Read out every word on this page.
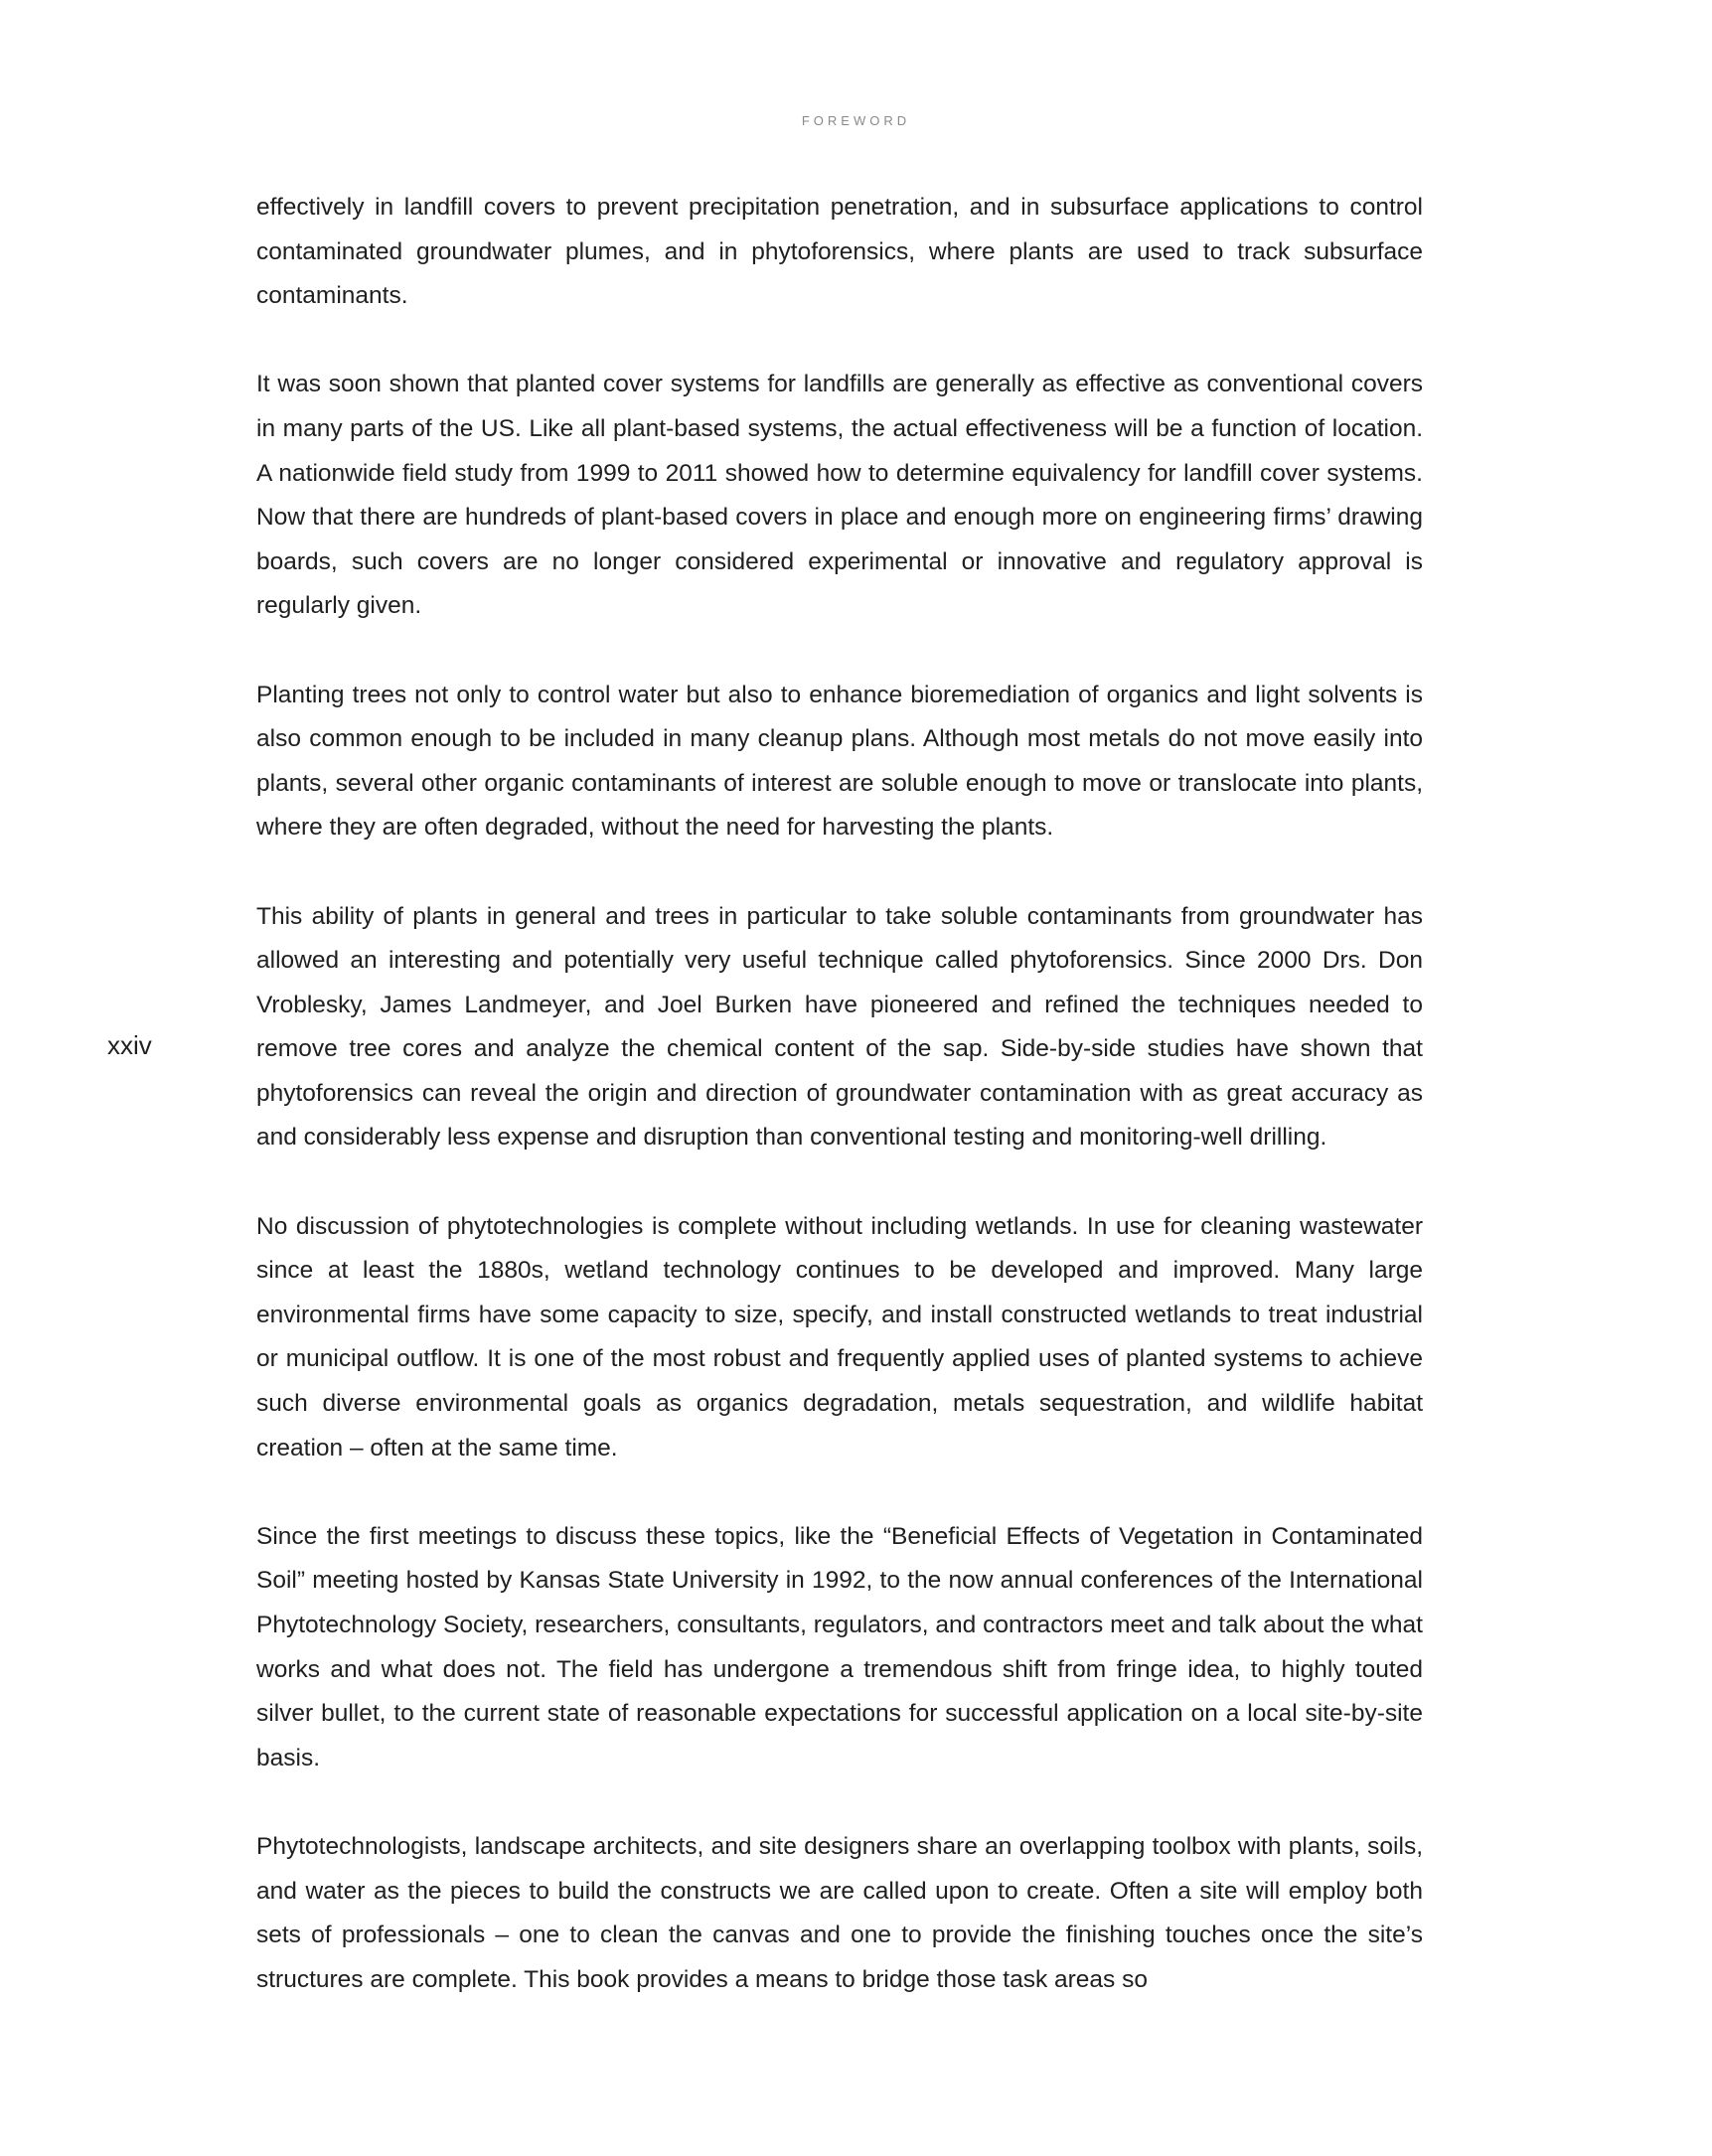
FOREWORD
xxiv

effectively in landfill covers to prevent precipitation penetration, and in subsurface applications to control contaminated groundwater plumes, and in phytoforensics, where plants are used to track subsurface contaminants.

It was soon shown that planted cover systems for landfills are generally as effective as conventional covers in many parts of the US. Like all plant-based systems, the actual effectiveness will be a function of location. A nationwide field study from 1999 to 2011 showed how to determine equivalency for landfill cover systems. Now that there are hundreds of plant-based covers in place and enough more on engineering firms’ drawing boards, such covers are no longer considered experimental or innovative and regulatory approval is regularly given.

Planting trees not only to control water but also to enhance bioremediation of organics and light solvents is also common enough to be included in many cleanup plans. Although most metals do not move easily into plants, several other organic contaminants of interest are soluble enough to move or translocate into plants, where they are often degraded, without the need for harvesting the plants.

This ability of plants in general and trees in particular to take soluble contaminants from groundwater has allowed an interesting and potentially very useful technique called phytoforensics. Since 2000 Drs. Don Vroblesky, James Landmeyer, and Joel Burken have pioneered and refined the techniques needed to remove tree cores and analyze the chemical content of the sap. Side-by-side studies have shown that phytoforensics can reveal the origin and direction of groundwater contamination with as great accuracy as and considerably less expense and disruption than conventional testing and monitoring-well drilling.

No discussion of phytotechnologies is complete without including wetlands. In use for cleaning wastewater since at least the 1880s, wetland technology continues to be developed and improved. Many large environmental firms have some capacity to size, specify, and install constructed wetlands to treat industrial or municipal outflow. It is one of the most robust and frequently applied uses of planted systems to achieve such diverse environmental goals as organics degradation, metals sequestration, and wildlife habitat creation – often at the same time.

Since the first meetings to discuss these topics, like the “Beneficial Effects of Vegetation in Contaminated Soil” meeting hosted by Kansas State University in 1992, to the now annual conferences of the International Phytotechnology Society, researchers, consultants, regulators, and contractors meet and talk about the what works and what does not. The field has undergone a tremendous shift from fringe idea, to highly touted silver bullet, to the current state of reasonable expectations for successful application on a local site-by-site basis.

Phytotechnologists, landscape architects, and site designers share an overlapping toolbox with plants, soils, and water as the pieces to build the constructs we are called upon to create. Often a site will employ both sets of professionals – one to clean the canvas and one to provide the finishing touches once the site’s structures are complete. This book provides a means to bridge those task areas so
